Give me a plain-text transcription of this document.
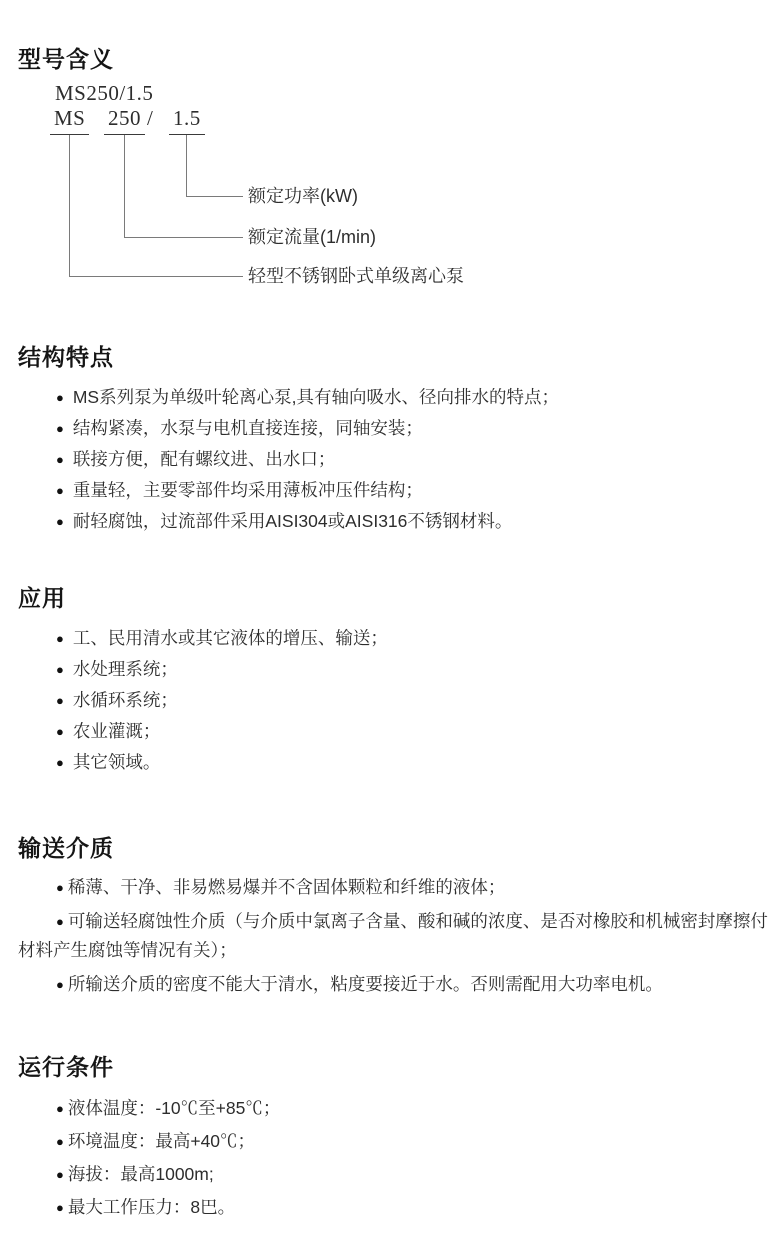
型号含义
MS250/1.5
MS 250 / 1.5
额定功率(kW)
额定流量(1/min)
轻型不锈钢卧式单级离心泵
结构特点
● MS系列泵为单级叶轮离心泵,具有轴向吸水、径向排水的特点；
● 结构紧凑，水泵与电机直接连接，同轴安装；
● 联接方便，配有螺纹进、出水口；
● 重量轻，主要零部件均采用薄板冲压件结构；
● 耐轻腐蚀，过流部件采用AISI304或AISI316不锈钢材料。
应用
● 工、民用清水或其它液体的增压、输送；
● 水处理系统；
● 水循环系统；
● 农业灌溉；
● 其它领域。
输送介质
● 稀薄、干净、非易燃易爆并不含固体颗粒和纤维的液体；
● 可输送轻腐蚀性介质（与介质中氯离子含量、酸和碱的浓度、是否对橡胶和机械密封摩擦付材料产生腐蚀等情况有关）；
● 所输送介质的密度不能大于清水，粘度要接近于水。否则需配用大功率电机。
运行条件
● 液体温度：-10℃至+85℃；
● 环境温度：最高+40℃；
● 海拔：最高1000m;
● 最大工作压力：8巴。
